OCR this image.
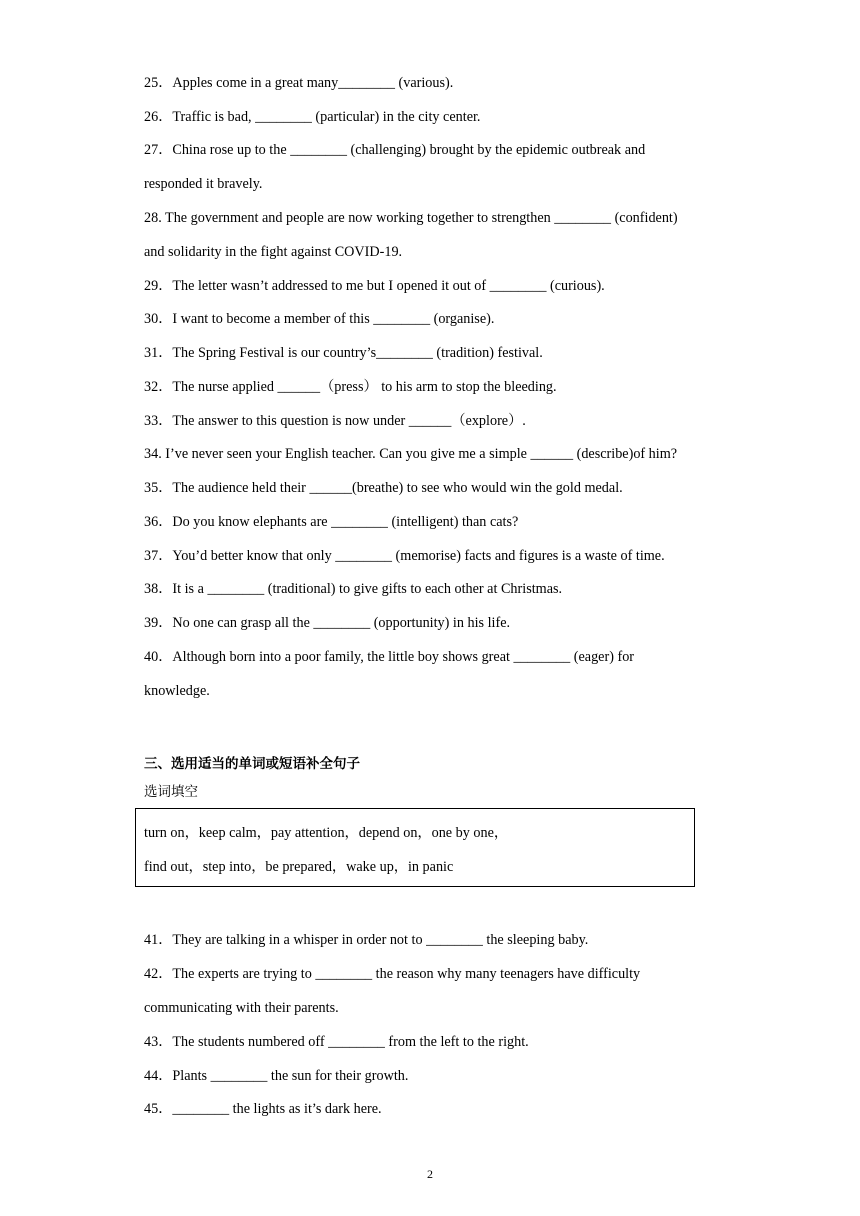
25．Apples come in a great many________ (various).
26．Traffic is bad, ________ (particular) in the city center.
27．China rose up to the ________ (challenging) brought by the epidemic outbreak and
responded it bravely.
28. The government and people are now working together to strengthen ________ (confident)
and solidarity in the fight against COVID-19.
29．The letter wasn’t addressed to me but I opened it out of ________ (curious).
30．I want to become a member of this ________ (organise).
31．The Spring Festival is our country’s________ (tradition) festival.
32．The nurse applied ______（press） to his arm to stop the bleeding.
33．The answer to this question is now under ______（explore）.
34. I’ve never seen your English teacher. Can you give me a simple ______ (describe)of him?
35．The audience held their ______(breathe) to see who would win the gold medal.
36．Do you know elephants are ________ (intelligent) than cats?
37．You’d better know that only ________ (memorise) facts and figures is a waste of time.
38．It is a ________ (traditional) to give gifts to each other at Christmas.
39．No one can grasp all the ________ (opportunity) in his life.
40．Although born into a poor family, the little boy shows great ________ (eager) for
knowledge.
三、选用适当的单词或短语补全句子
选词填空
turn on，keep calm，pay attention，depend on，one by one，
find out，step into，be prepared，wake up，in panic
41．They are talking in a whisper in order not to ________ the sleeping baby.
42．The experts are trying to ________ the reason why many teenagers have difficulty
communicating with their parents.
43．The students numbered off ________ from the left to the right.
44．Plants ________ the sun for their growth.
45．________ the lights as it’s dark here.
2
